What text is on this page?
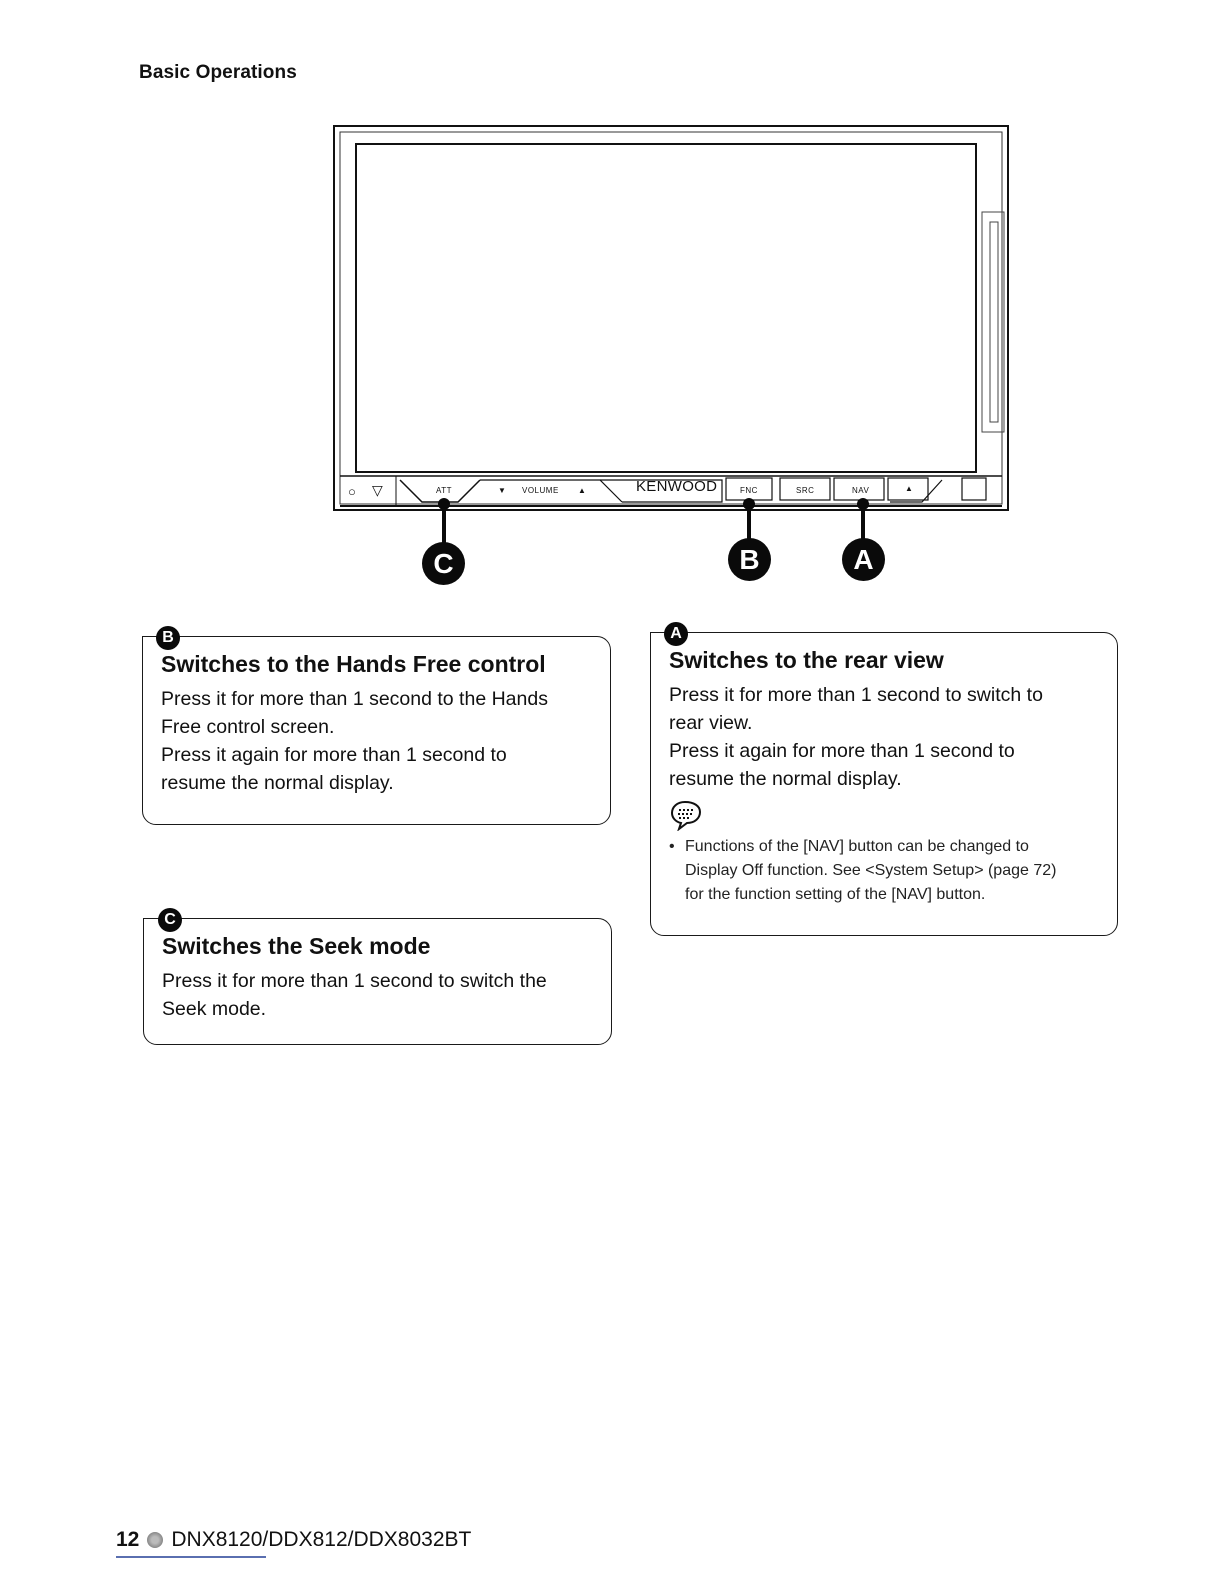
Basic Operations
○ ▽	ATT	▼ VOLUME ▲	KENWOOD	FNC	SRC	NAV	▲
C	B	A
Switches to the Hands Free control

Press it for more than 1 second to the Hands

Free control screen.

Press it again for more than 1 second to

resume the normal display.

B
Switches the Seek mode

Press it for more than 1 second to switch the

Seek mode.

C
Switches to the rear view

Press it for more than 1 second to switch to

rear view.

Press it again for more than 1 second to

resume the normal display.

• Functions of the [NAV] button can be changed to

Display Off function. See <System Setup> (page 72)

for the function setting of the [NAV] button.

A
12 DNX8120/DDX812/DDX8032BT
